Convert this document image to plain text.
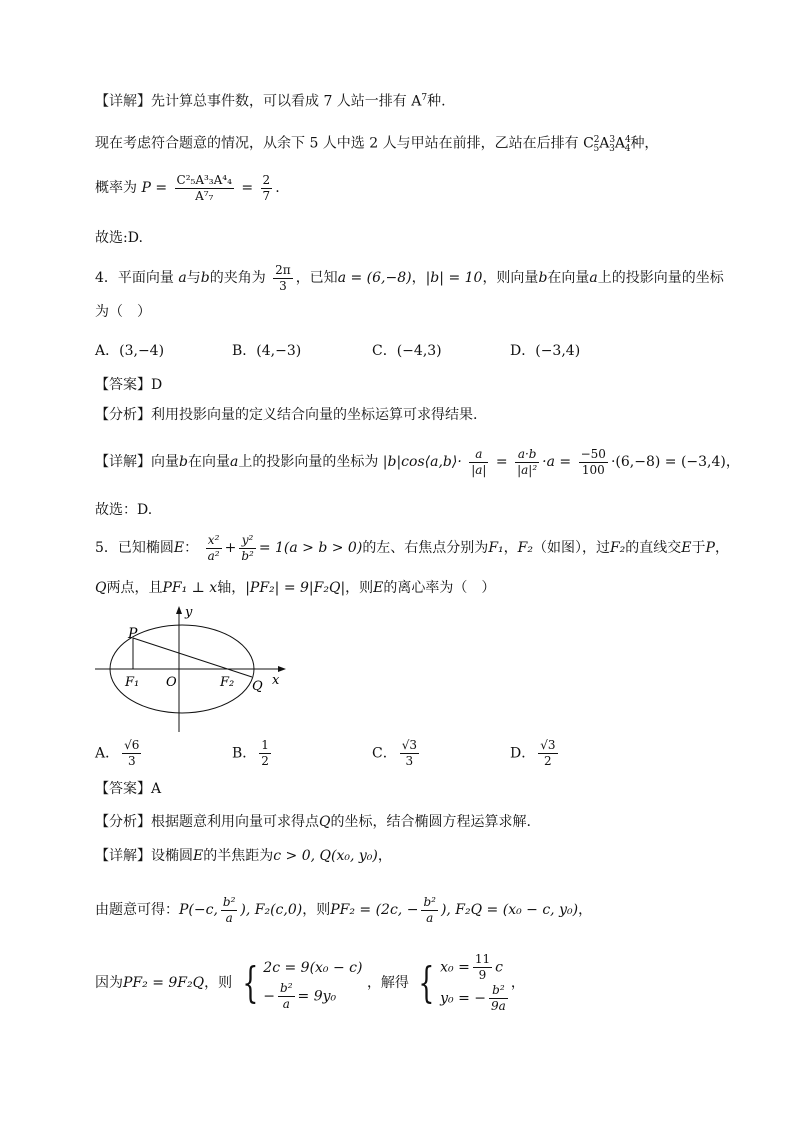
【详解】先计算总事件数，可以看成 7 人站一排有 $A^7$种.
现在考虑符合题意的情况，从余下 5 人中选 2 人与甲站在前排，乙站在后排有 $C^2_5A^3_3A^4_4$种，
概率为 $P = \frac{\text{C²₅A³₃A⁴₄}}{\text{A⁷₇}} = \frac{2}{7}$ .
故选:D.
4．平面向量 a与b的夹角为 $\frac{2\pi}{3}$ ，已知a = (6,−8)，|b| = 10，则向量b在向量a上的投影向量的坐标
为（　）
A．(3,−4)	B．(4,−3)	C．(−4,3)	D．(−3,4)
【答案】D
【分析】利用投影向量的定义结合向量的坐标运算可求得结果.
【详解】向量b在向量a上的投影向量的坐标为 |b|cos⟨a,b⟩· $\frac{a}{|a|} = \frac{a\cdot b}{\text{|a|²}} \cdot a = \frac{-50}{100} \cdot(6,-8) = (-3,4)$，
故选：D.
5．已知椭圆E： $\frac{\text{x²}}{\text{a²}} + \frac{\text{y²}}{\text{b²}} = 1(a > b > 0)$的左、右焦点分别为F₁，F₂（如图），过F₂的直线交E于P，
Q两点，且PF₁ ⊥ x轴，|PF₂| = 9|F₂Q|，则E的离心率为（　）
P
y
x
F₁ O	F₂ Q
A． $\frac{√6}{3}$	B． $\frac{1}{2}$	C． $\frac{√3}{3}$	D． $\frac{√3}{2}$
【答案】A
【分析】根据题意利用向量可求得点Q的坐标，结合椭圆方程运算求解.
【详解】设椭圆E的半焦距为c > 0, Q(x₀, y₀)，
由题意可得：P(−c, $\frac{\text{b²}}{a}$ ), F₂(c,0)，则PF₂ = (2c, − $\frac{\text{b²}}{a}$ ), F₂Q = (x₀ − c, y₀)，
因为PF₂ = 9F₂Q，则 { 2c = 9(x₀ − c)
− $\frac{\text{b²}}{a} = 9y_0$
，解得 { $x_0 = \frac{11}{9}$ c
y₀ = − $\frac{\text{b²}}{9a}$ ，
